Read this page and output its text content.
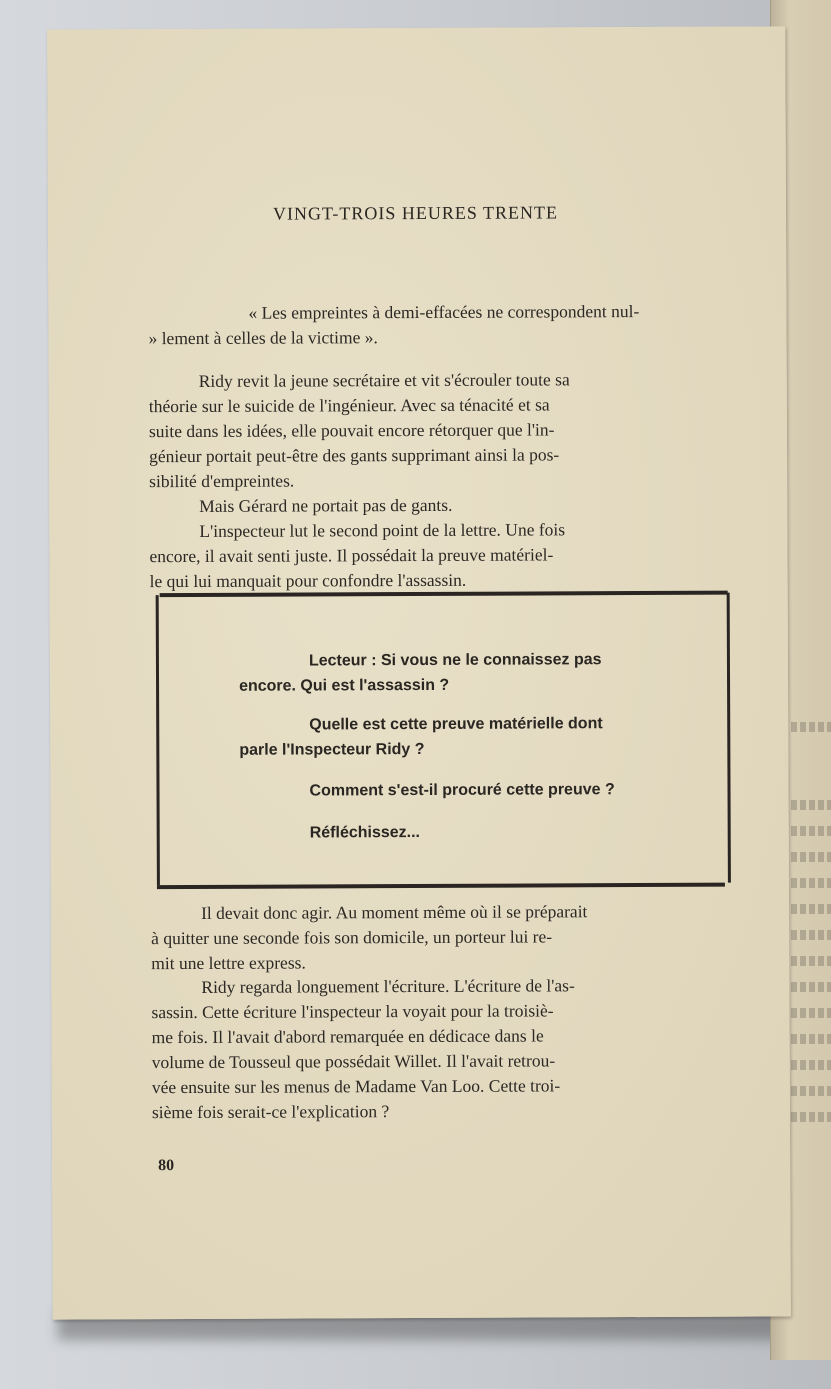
VINGT-TROIS HEURES TRENTE
« Les empreintes à demi-effacées ne correspondent nul-
» lement à celles de la victime ».
Ridy revit la jeune secrétaire et vit s'écrouler toute sa
théorie sur le suicide de l'ingénieur. Avec sa ténacité et sa
suite dans les idées, elle pouvait encore rétorquer que l'in-
génieur portait peut-être des gants supprimant ainsi la pos-
sibilité d'empreintes.
Mais Gérard ne portait pas de gants.
L'inspecteur lut le second point de la lettre. Une fois
encore, il avait senti juste. Il possédait la preuve matériel-
le qui lui manquait pour confondre l'assassin.
Lecteur : Si vous ne le connaissez pas
encore. Qui est l'assassin ?
Quelle est cette preuve matérielle dont
parle l'Inspecteur Ridy ?
Comment s'est-il procuré cette preuve ?
Réfléchissez...
Il devait donc agir. Au moment même où il se préparait
à quitter une seconde fois son domicile, un porteur lui re-
mit une lettre express.
Ridy regarda longuement l'écriture. L'écriture de l'as-
sassin. Cette écriture l'inspecteur la voyait pour la troisiè-
me fois. Il l'avait d'abord remarquée en dédicace dans le
volume de Tousseul que possédait Willet. Il l'avait retrou-
vée ensuite sur les menus de Madame Van Loo. Cette troi-
sième fois serait-ce l'explication ?
80
